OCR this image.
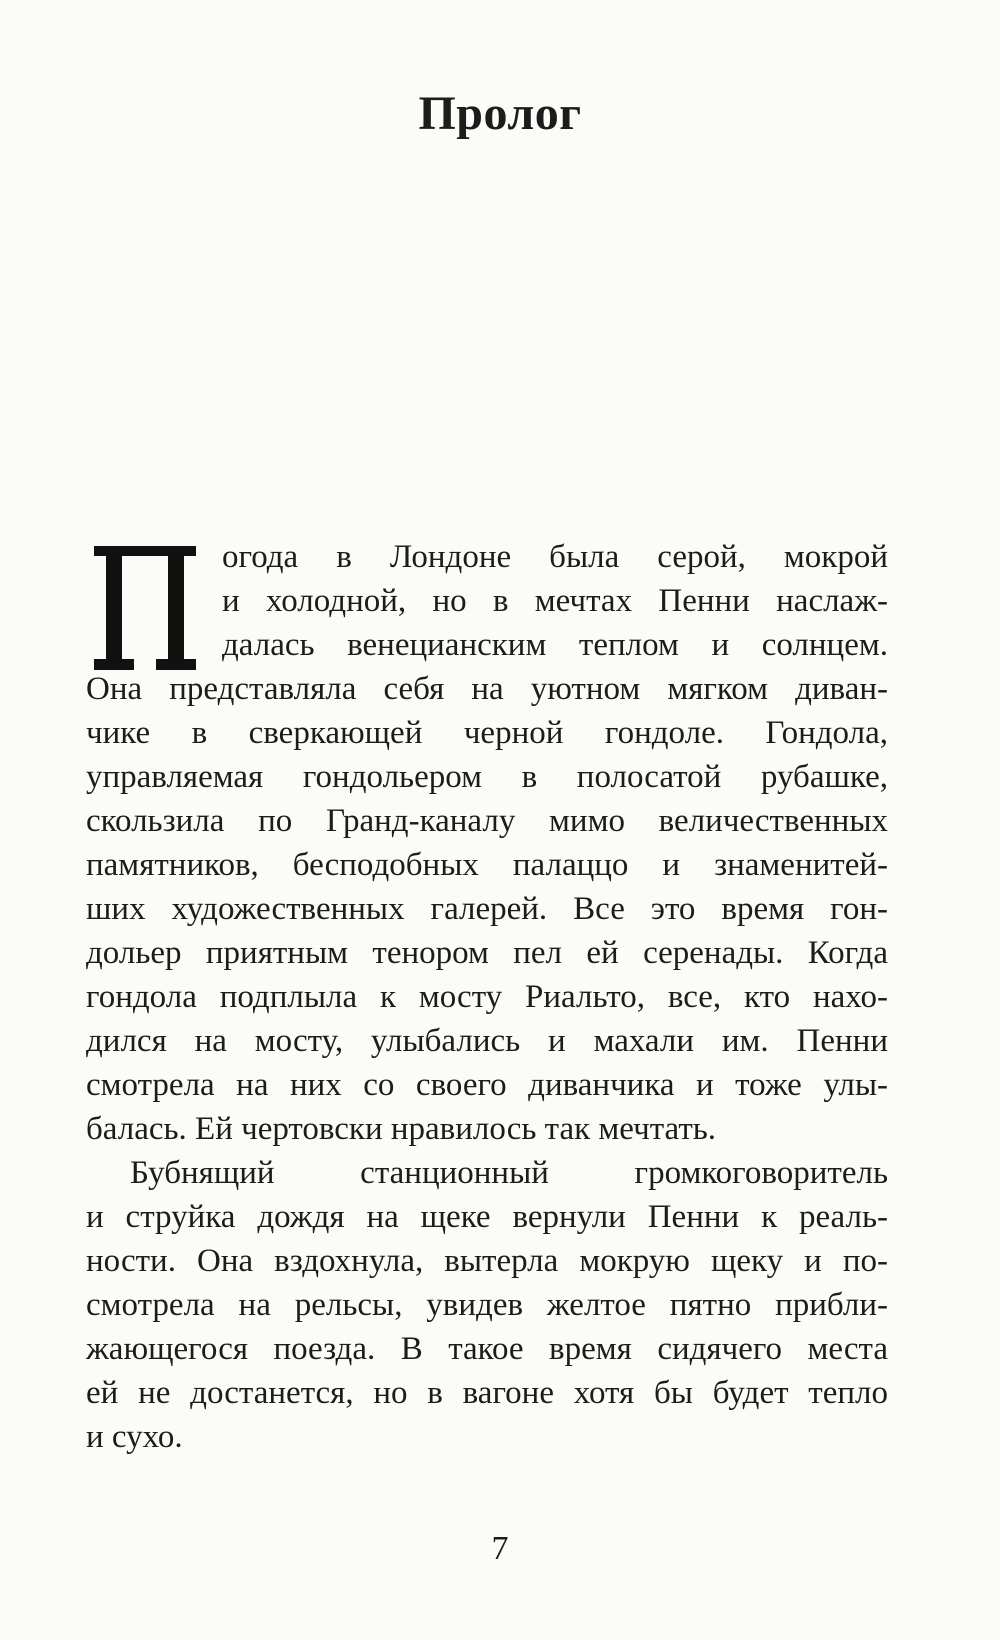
Пролог

огода в Лондоне была серой, мокрой

и холодной, но в мечтах Пенни наслаж-

далась венецианским теплом и солнцем.

Она представляла себя на уютном мягком диван-

чике в сверкающей черной гондоле. Гондола,

управляемая гондольером в полосатой рубашке,

скользила по Гранд-каналу мимо величественных

памятников, бесподобных палаццо и знаменитей-

ших художественных галерей. Все это время гон-

дольер приятным тенором пел ей серенады. Когда

гондола подплыла к мосту Риальто, все, кто нахо-

дился на мосту, улыбались и махали им. Пенни

смотрела на них со своего диванчика и тоже улы-

балась. Ей чертовски нравилось так мечтать.

Бубнящий станционный громкоговоритель

и струйка дождя на щеке вернули Пенни к реаль-

ности. Она вздохнула, вытерла мокрую щеку и по-

смотрела на рельсы, увидев желтое пятно прибли-

жающегося поезда. В такое время сидячего места

ей не достанется, но в вагоне хотя бы будет тепло

и сухо.

7
